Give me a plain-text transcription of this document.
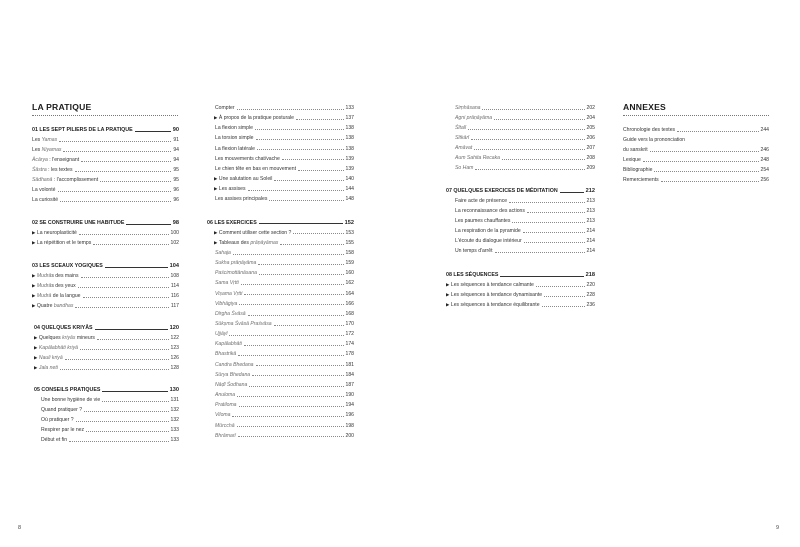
LA PRATIQUE	ANNEXES
01 LES SEPT PILIERS DE LA PRATIQUE	90
Les Yamas	91
Les Niyamas	94
Ācārya : l'enseignant	94
Śāstra : les textes	95
Sādhanā : l'accomplissement	95
La volonté	96
La curiosité	96
02 SE CONSTRUIRE UNE HABITUDE	98
▶ La neuroplasticité	100
▶ La répétition et le temps	102
03 LES SCEAUX YOGIQUES	104
▶ Mudrās des mains	108
▶ Mudrās des yeux	114
▶ Mudrā de la langue	116
▶ Quatre bandhas	117
04 QUELQUES KRIYĀS	120
▶ Quelques kriyās mineurs	122
▶ Kapālabhāti kriyā	123
▶ Nauli kriyā	126
▶ Jala neti	128
05 CONSEILS PRATIQUES	130
Une bonne hygiène de vie	131
Quand pratiquer ?	132
Où pratiquer ?	132
Respirer par le nez	133
Début et fin	133
Compter	133
▶ À propos de la pratique posturale	137
La flexion simple	138
La torsion simple	138
La flexion latérale	138
Les mouvements chat/vache	139
Le chien tête en bas en mouvement	139
▶ Une salutation au Soleil	140
▶ Les assises	144
Les assises principales	148
06 LES EXERCICES	152
▶ Comment utiliser cette section ?	153
▶ Tableaux des prāṇāyāmas	155
Sahaja	158
Sukha prāṇāyāma	159
Paścimottānāsana	160
Sama Vṛtti	162
Viṣama Vṛtti	164
Vibhāgiya	166
Dīrgha Śvāsā	168
Sūkṣma Śvāsā Praśvāsa	170
Ujjāyī	172
Kapālabhāti	174
Bhastrikā	178
Candra Bhedana	181
Sūrya Bhedana	184
Nāḍī Śodhana	187
Anuloma	190
Pratiloma	194
Viloma	196
Mūrcchā	198
Bhrāmarī	200
Siṃhāsana	202
Agni prāṇāyāma	204
Śītalī	205
Sītkārī	206
Amāvat	207
Aum Sahita Recaka	208
So Ham	209
07 QUELQUES EXERCICES DE MÉDITATION	212
Faire acte de présence	213
La reconnaissance des actions	213
Les paumes chauffantes	213
La respiration de la pyramide	214
L'écoute du dialogue intérieur	214
Un temps d'arrêt	214
08 LES SÉQUENCES	218
▶ Les séquences à tendance calmante	220
▶ Les séquences à tendance dynamisante	228
▶ Les séquences à tendance équilibrante	236
Chronologie des textes	244
Guide vers la prononciation
du sanskrit	246
Lexique	248
Bibliographie	254
Remerciements	256
8	9
